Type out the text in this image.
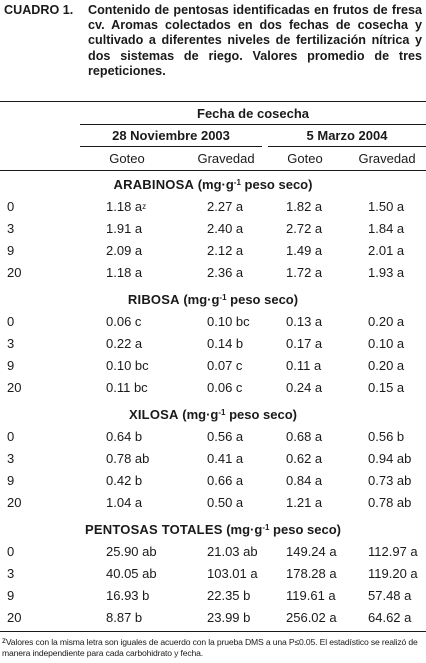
CUADRO 1.	Contenido de pentosas identificadas en frutos de fresa cv. Aromas colectados en dos fechas de cosecha y cultivado a diferentes niveles de fertilización nítrica y dos sistemas de riego. Valores promedio de tres repeticiones.
Fecha de cosecha
28 Noviembre 2003	5 Marzo 2004
Goteo	Gravedad	Goteo	Gravedad
ARABINOSA ($mg\cdot g^{-1}$ peso seco)
0	1.18 $a^z$	2.27 a	1.82 a	1.50 a
3	1.91 a	2.40 a	2.72 a	1.84 a
9	2.09 a	2.12 a	1.49 a	2.01 a
20	1.18 a	2.36 a	1.72 a	1.93 a
RIBOSA ($mg\cdot g^{-1}$ peso seco)
0	0.06 c	0.10 bc	0.13 a	0.20 a
3	0.22 a	0.14 b	0.17 a	0.10 a
9	0.10 bc	0.07 c	0.11 a	0.20 a
20	0.11 bc	0.06 c	0.24 a	0.15 a
XILOSA ($mg\cdot g^{-1}$ peso seco)
0	0.64 b	0.56 a	0.68 a	0.56 b
3	0.78 ab	0.41 a	0.62 a	0.94 ab
9	0.42 b	0.66 a	0.84 a	0.73 ab
20	1.04 a	0.50 a	1.21 a	0.78 ab
PENTOSAS TOTALES ($mg\cdot g^{-1}$ peso seco)
0	25.90 ab	21.03 ab 149.24 a 112.97 a
3	40.05 ab	103.01 a 178.28 a 119.20 a
9	16.93 b	22.35 b	119.61 a 57.48 a
20	8.87 b	23.99 b	256.02 a 64.62 a
zValores con la misma letra son iguales de acuerdo con la prueba DMS a una P≤0.05. El estadístico se realizó de manera independiente para cada carbohidrato y fecha.
